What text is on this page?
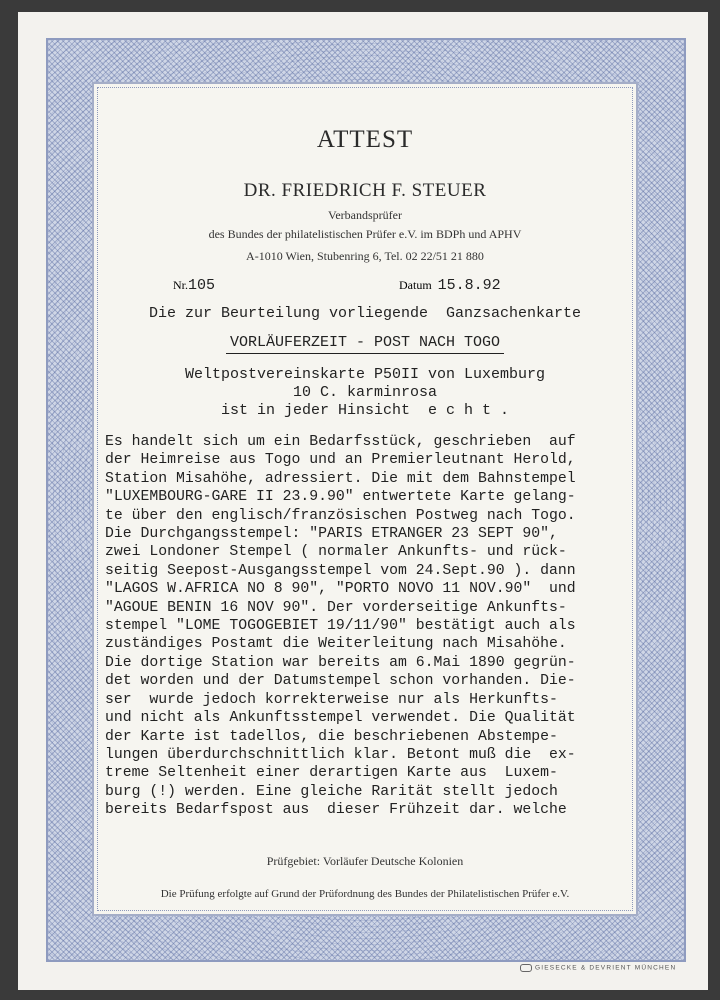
ATTEST
DR. FRIEDRICH F. STEUER
Verbandsprüfer
des Bundes der philatelistischen Prüfer e.V. im BDPh und APHV
A-1010 Wien, Stubenring 6, Tel. 02 22/51 21 880
Nr.105	Datum 15.8.92
Die zur Beurteilung vorliegende  Ganzsachenkarte
VORLÄUFERZEIT - POST NACH TOGO
Weltpostvereinskarte P50II von Luxemburg
10 C. karminrosa
ist in jeder Hinsicht  e c h t .
Es handelt sich um ein Bedarfsstück, geschrieben  auf
der Heimreise aus Togo und an Premierleutnant Herold,
Station Misahöhe, adressiert. Die mit dem Bahnstempel
"LUXEMBOURG-GARE II 23.9.90" entwertete Karte gelang-
te über den englisch/französischen Postweg nach Togo.
Die Durchgangsstempel: "PARIS ETRANGER 23 SEPT 90",
zwei Londoner Stempel ( normaler Ankunfts- und rück-
seitig Seepost-Ausgangsstempel vom 24.Sept.90 ). dann
"LAGOS W.AFRICA NO 8 90", "PORTO NOVO 11 NOV.90"  und
"AGOUE BENIN 16 NOV 90". Der vorderseitige Ankunfts-
stempel "LOME TOGOGEBIET 19/11/90" bestätigt auch als
zuständiges Postamt die Weiterleitung nach Misahöhe.
Die dortige Station war bereits am 6.Mai 1890 gegrün-
det worden und der Datumstempel schon vorhanden. Die-
ser  wurde jedoch korrekterweise nur als Herkunfts-
und nicht als Ankunftsstempel verwendet. Die Qualität
der Karte ist tadellos, die beschriebenen Abstempe-
lungen überdurchschnittlich klar. Betont muß die  ex-
treme Seltenheit einer derartigen Karte aus  Luxem-
burg (!) werden. Eine gleiche Rarität stellt jedoch
bereits Bedarfspost aus  dieser Frühzeit dar. welche
Prüfgebiet: Vorläufer Deutsche Kolonien
Die Prüfung erfolgte auf Grund der Prüfordnung des Bundes der Philatelistischen Prüfer e.V.
GIESECKE & DEVRIENT MÜNCHEN
